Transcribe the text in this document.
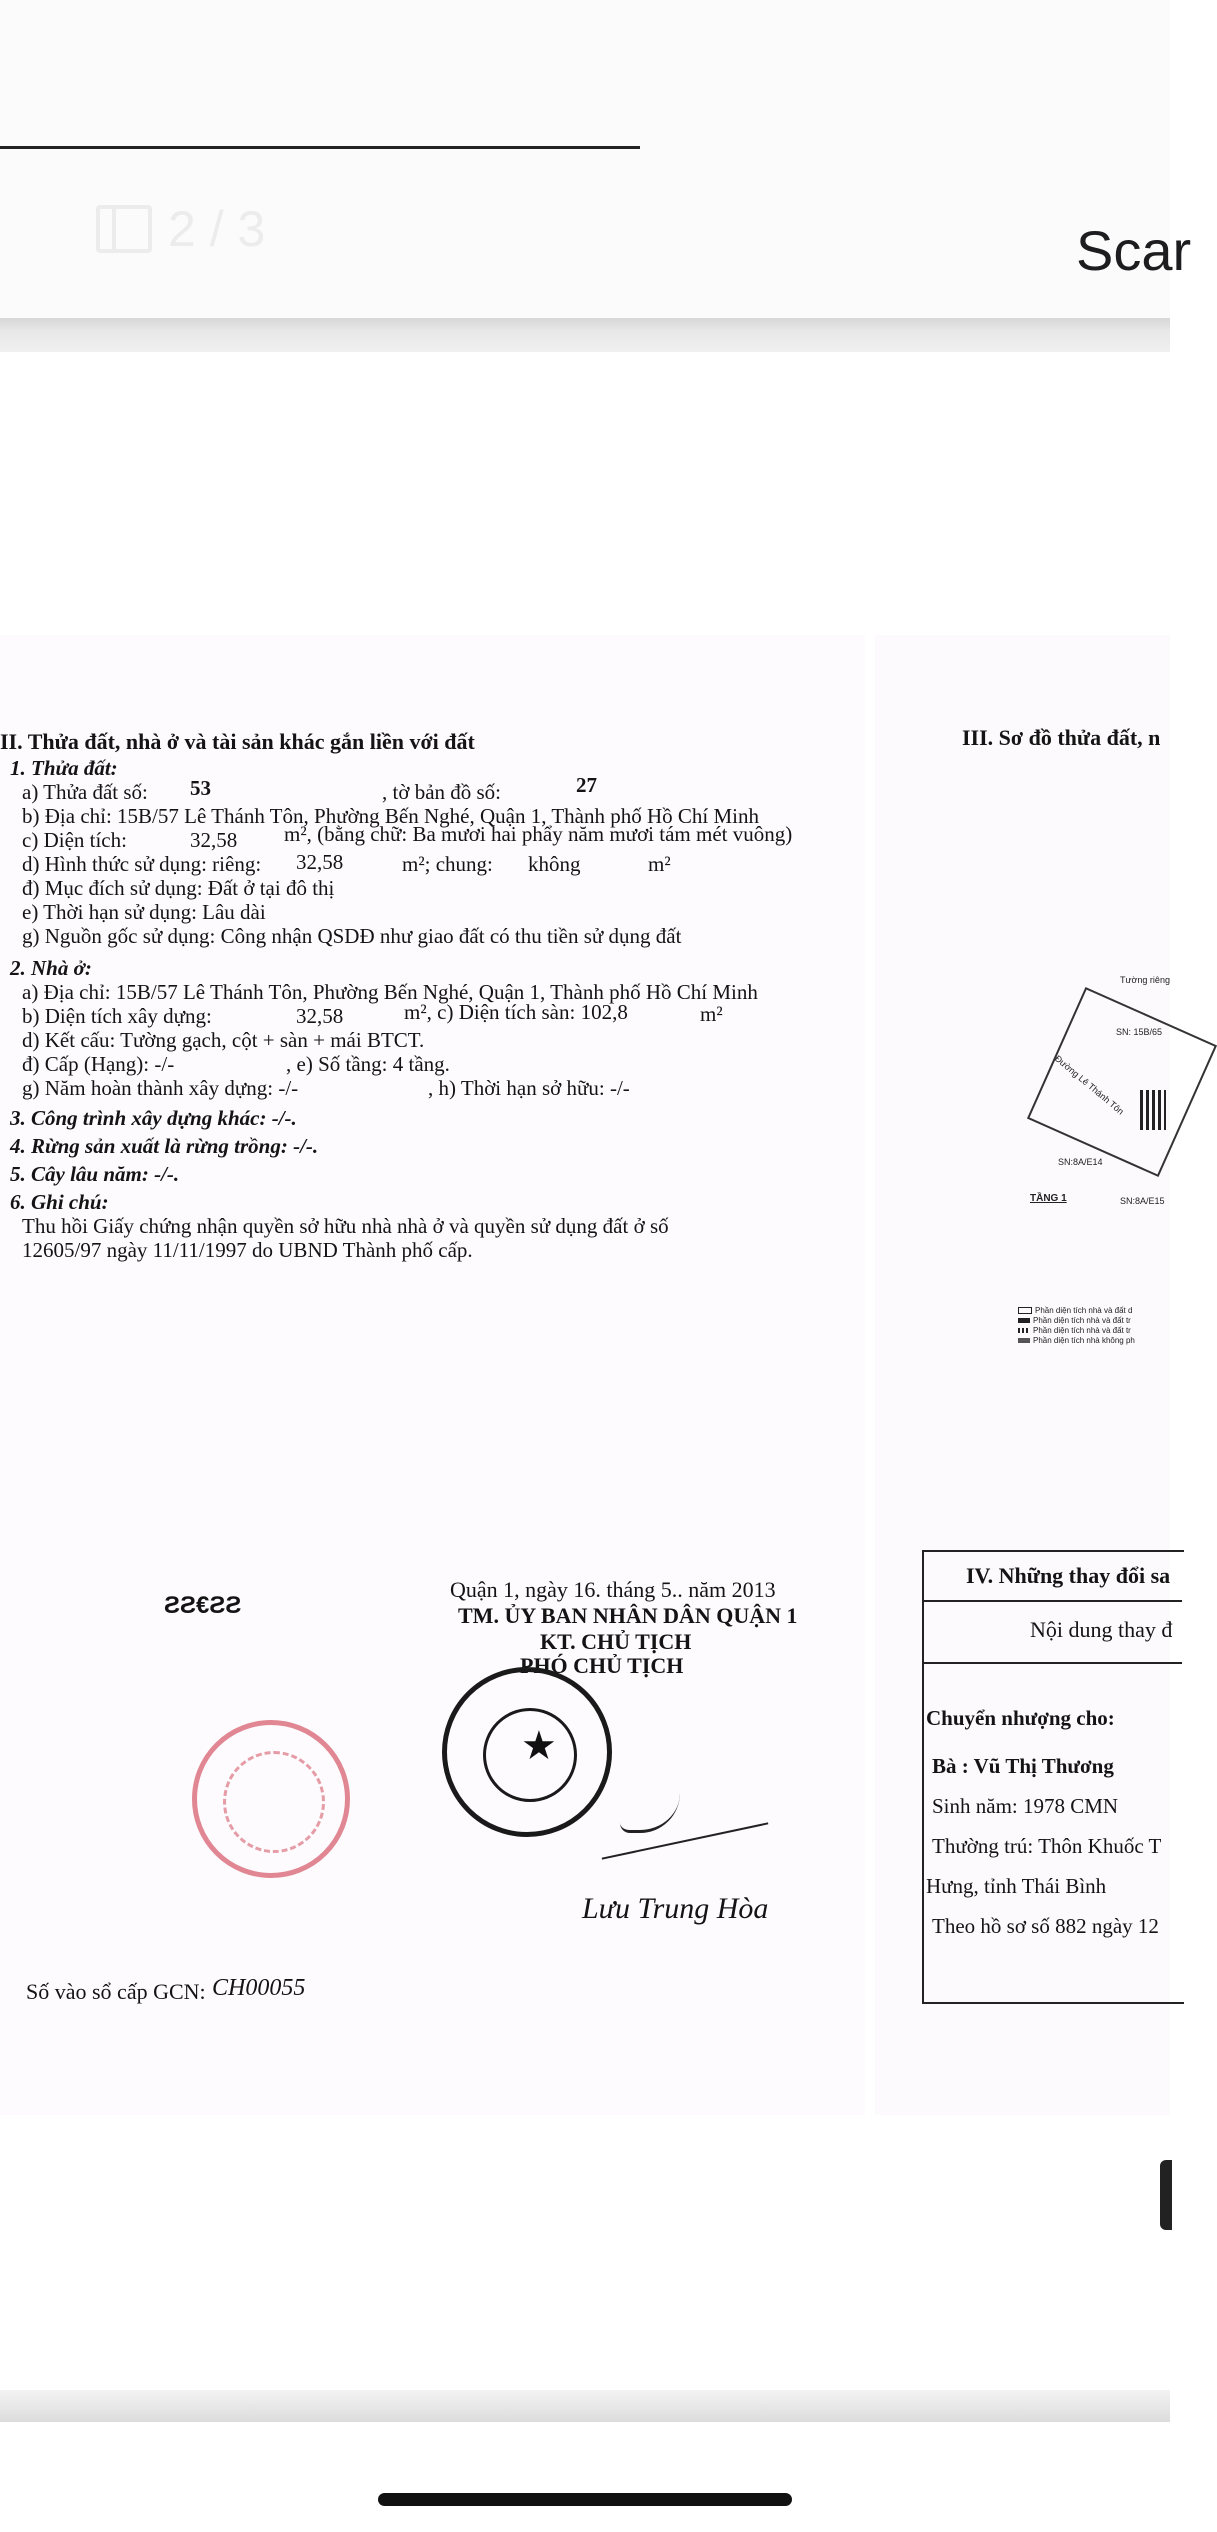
2 / 3	Scar
II. Thửa đất, nhà ở và tài sản khác gắn liền với đất
1. Thửa đất:
a) Thửa đất số: 53	, tờ bản đồ số:	27
b) Địa chỉ: 15B/57 Lê Thánh Tôn, Phường Bến Nghé, Quận 1, Thành phố Hồ Chí Minh
c) Diện tích:	32,58 m², (bằng chữ: Ba mươi hai phẩy năm mươi tám mét vuông)
d) Hình thức sử dụng: riêng: 32,58	m²; chung: không	m²
đ) Mục đích sử dụng: Đất ở tại đô thị
e) Thời hạn sử dụng: Lâu dài
g) Nguồn gốc sử dụng: Công nhận QSDĐ như giao đất có thu tiền sử dụng đất
2. Nhà ở:
a) Địa chỉ: 15B/57 Lê Thánh Tôn, Phường Bến Nghé, Quận 1, Thành phố Hồ Chí Minh
b) Diện tích xây dựng:	32,58	m², c) Diện tích sàn: 102,8	m²
d) Kết cấu: Tường gạch, cột + sàn + mái BTCT.
đ) Cấp (Hạng): -/-	, e) Số tầng: 4 tầng.
g) Năm hoàn thành xây dựng: -/-	, h) Thời hạn sở hữu: -/-
3. Công trình xây dựng khác: -/-.
4. Rừng sản xuất là rừng trồng: -/-.
5. Cây lâu năm: -/-.
6. Ghi chú:
Thu hồi Giấy chứng nhận quyền sở hữu nhà nhà ở và quyền sử dụng đất ở số
12605/97 ngày 11/11/1997 do UBND Thành phố cấp.
ƧƧ€ƧƧ
Quận 1, ngày 16. tháng 5.. năm 2013
TM. ỦY BAN NHÂN DÂN QUẬN 1
KT. CHỦ TỊCH
PHÓ CHỦ TỊCH
★
Lưu Trung Hòa
Số vào sổ cấp GCN: CH00055
III. Sơ đồ thửa đất, n
Tường riêng
SN: 15B/65
Đường Lê Thánh Tôn
SN:8A/E14
TẦNG 1	SN:8A/E15
Phần diện tích nhà và đất d
Phần diện tích nhà và đất tr
Phần diện tích nhà và đất tr
Phần diện tích nhà không ph
IV. Những thay đổi sa
Nội dung thay đ
Chuyển nhượng cho:
Bà : Vũ Thị Thương
Sinh năm: 1978 CMN
Thường trú: Thôn Khuốc T
Hưng, tỉnh Thái Bình
Theo hồ sơ số 882 ngày 12
